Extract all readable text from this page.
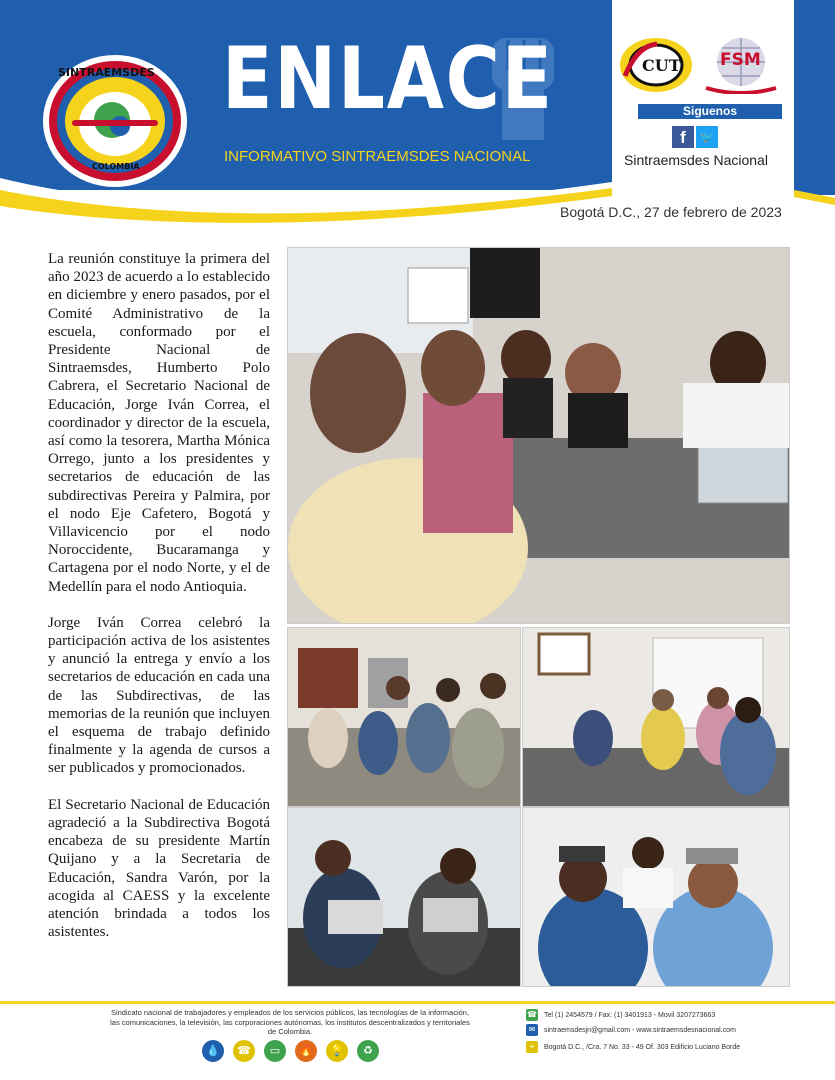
SINTRAEMSDES
COLOMBIA
ENLACE
INFORMATIVO SINTRAEMSDES NACIONAL
CUT FSM
Siguenos
f	🐦
Sintraemsdes Nacional
Bogotá D.C., 27 de febrero de 2023

La reunión constituye la primera del año 2023 de acuerdo a lo establecido en diciembre y enero pasados, por el Comité Administrativo de la escuela, conformado por el Presidente Nacional de Sintraemsdes, Humberto Polo Cabrera, el Secretario Nacional de Educación, Jorge Iván Correa, el coordinador y director de la escuela, así como la tesorera, Martha Mónica Orrego, junto a los presidentes y secretarios de educación de las subdirectivas Pereira y Palmira, por el nodo Eje Cafetero, Bogotá y Villavicencio por el nodo Noroccidente, Bucaramanga y Cartagena por el nodo Norte, y el de Medellín para el nodo Antioquia.

Jorge Iván Correa celebró la participación activa de los asistentes y anunció la entrega y envío a los secretarios de educación en cada una de las Subdirectivas, de las memorias de la reunión que incluyen el esquema de trabajo definido finalmente y la agenda de cursos a ser publicados y promocionados.

El Secretario Nacional de Educación agradeció a la Subdirectiva Bogotá encabeza de su presidente Martín Quijano y a la Secretaria de Educación, Sandra Varón, por la acogida al CAESS y la excelente atención brindada a todos los asistentes.

Sindicato nacional de trabajadores y empleados de los servicios públicos, las tecnologías de la información, las comunicaciones, la televisión, las corporaciones autónomas, los institutos descentralizados y territoriales de Colombia.
💧	☎	▭	🔥	💡	♻
☎ Tel (1) 2454579 / Fax: (1) 3401913 - Movil 3207273663
✉	sintraemsdesjn@gmail.com - www.sintraemsdesnacional.com
⌖	Bogotá D.C., /Cra. 7 No. 33 - 49 Of. 303 Edificio Luciano Borde
